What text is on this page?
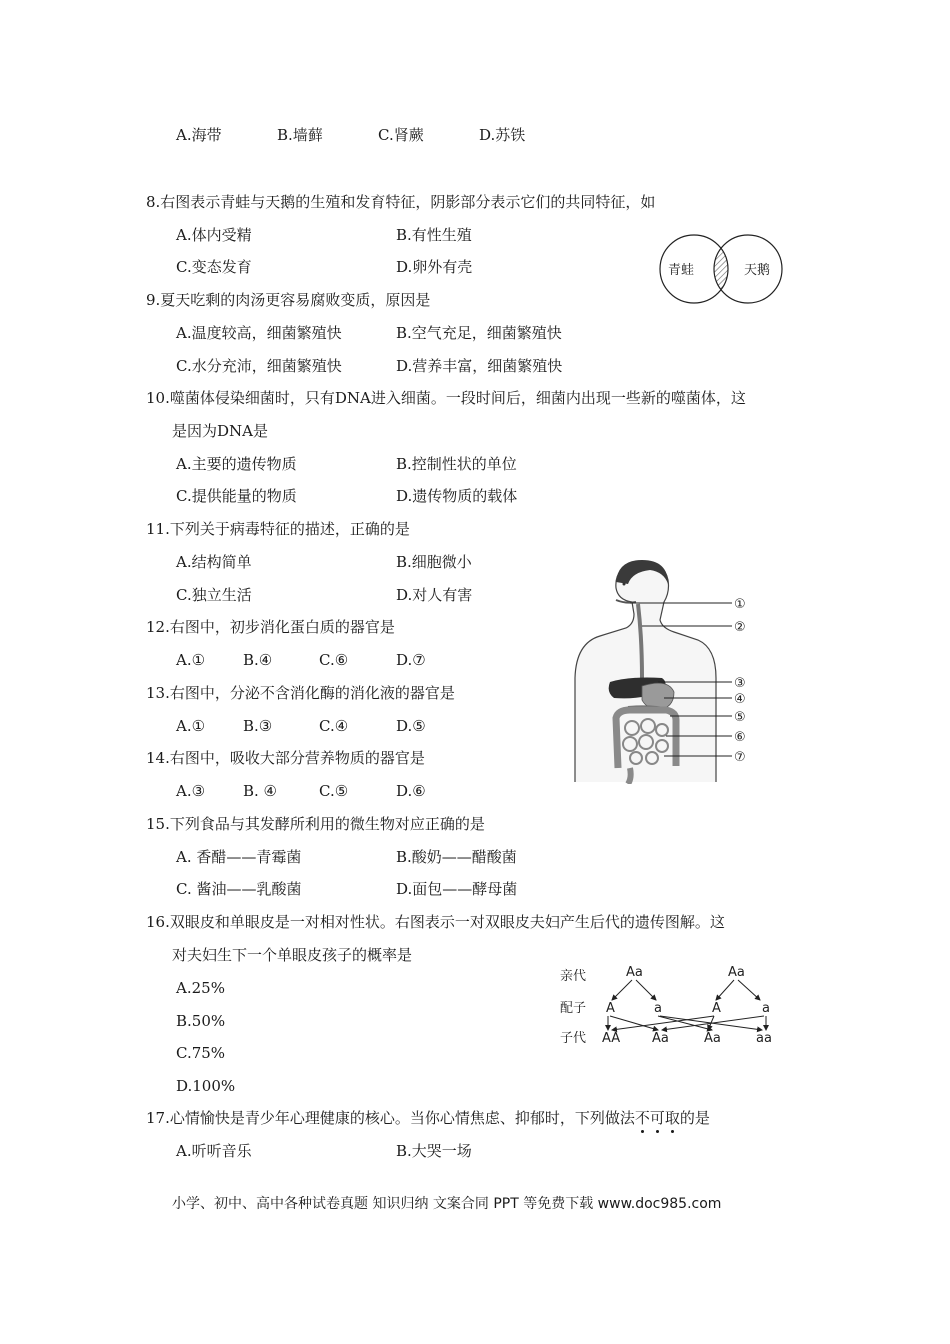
A.海带	B.墙藓	C.肾蕨	D.苏铁
8.右图表示青蛙与天鹅的生殖和发育特征，阴影部分表示它们的共同特征，如
A.体内受精	B.有性生殖
C.变态发育	D.卵外有壳	青蛙	天鹅
9.夏天吃剩的肉汤更容易腐败变质，原因是
A.温度较高，细菌繁殖快	B.空气充足，细菌繁殖快
C.水分充沛，细菌繁殖快	D.营养丰富，细菌繁殖快
10.噬菌体侵染细菌时，只有DNA进入细菌。一段时间后，细菌内出现一些新的噬菌体，这
是因为DNA是
A.主要的遗传物质	B.控制性状的单位
C.提供能量的物质	D.遗传物质的载体
11.下列关于病毒特征的描述，正确的是
A.结构简单	B.细胞微小
C.独立生活	D.对人有害
12.右图中，初步消化蛋白质的器官是
A.①	B.④	C.⑥	D.⑦
13.右图中，分泌不含消化酶的消化液的器官是
A.①	B.③	C.④	D.⑤
14.右图中，吸收大部分营养物质的器官是
A.③	B. ④	C.⑤	D.⑥
①
②
③
④
⑤
⑥
⑦
15.下列食品与其发酵所利用的微生物对应正确的是
A. 香醋——青霉菌	B.酸奶——醋酸菌
C. 酱油——乳酸菌	D.面包——酵母菌
16.双眼皮和单眼皮是一对相对性状。右图表示一对双眼皮夫妇产生后代的遗传图解。这
对夫妇生下一个单眼皮孩子的概率是
A.25%
B.50%
C.75%
D.100%
亲代
配子
子代
Aa	Aa
A	a	A	a
AA Aa	Aa	aa
17.心情愉快是青少年心理健康的核心。当你心情焦虑、抑郁时，下列做法不可取的是
A.听听音乐	B.大哭一场
小学、初中、高中各种试卷真题 知识归纳 文案合同 PPT 等免费下载 www.doc985.com
